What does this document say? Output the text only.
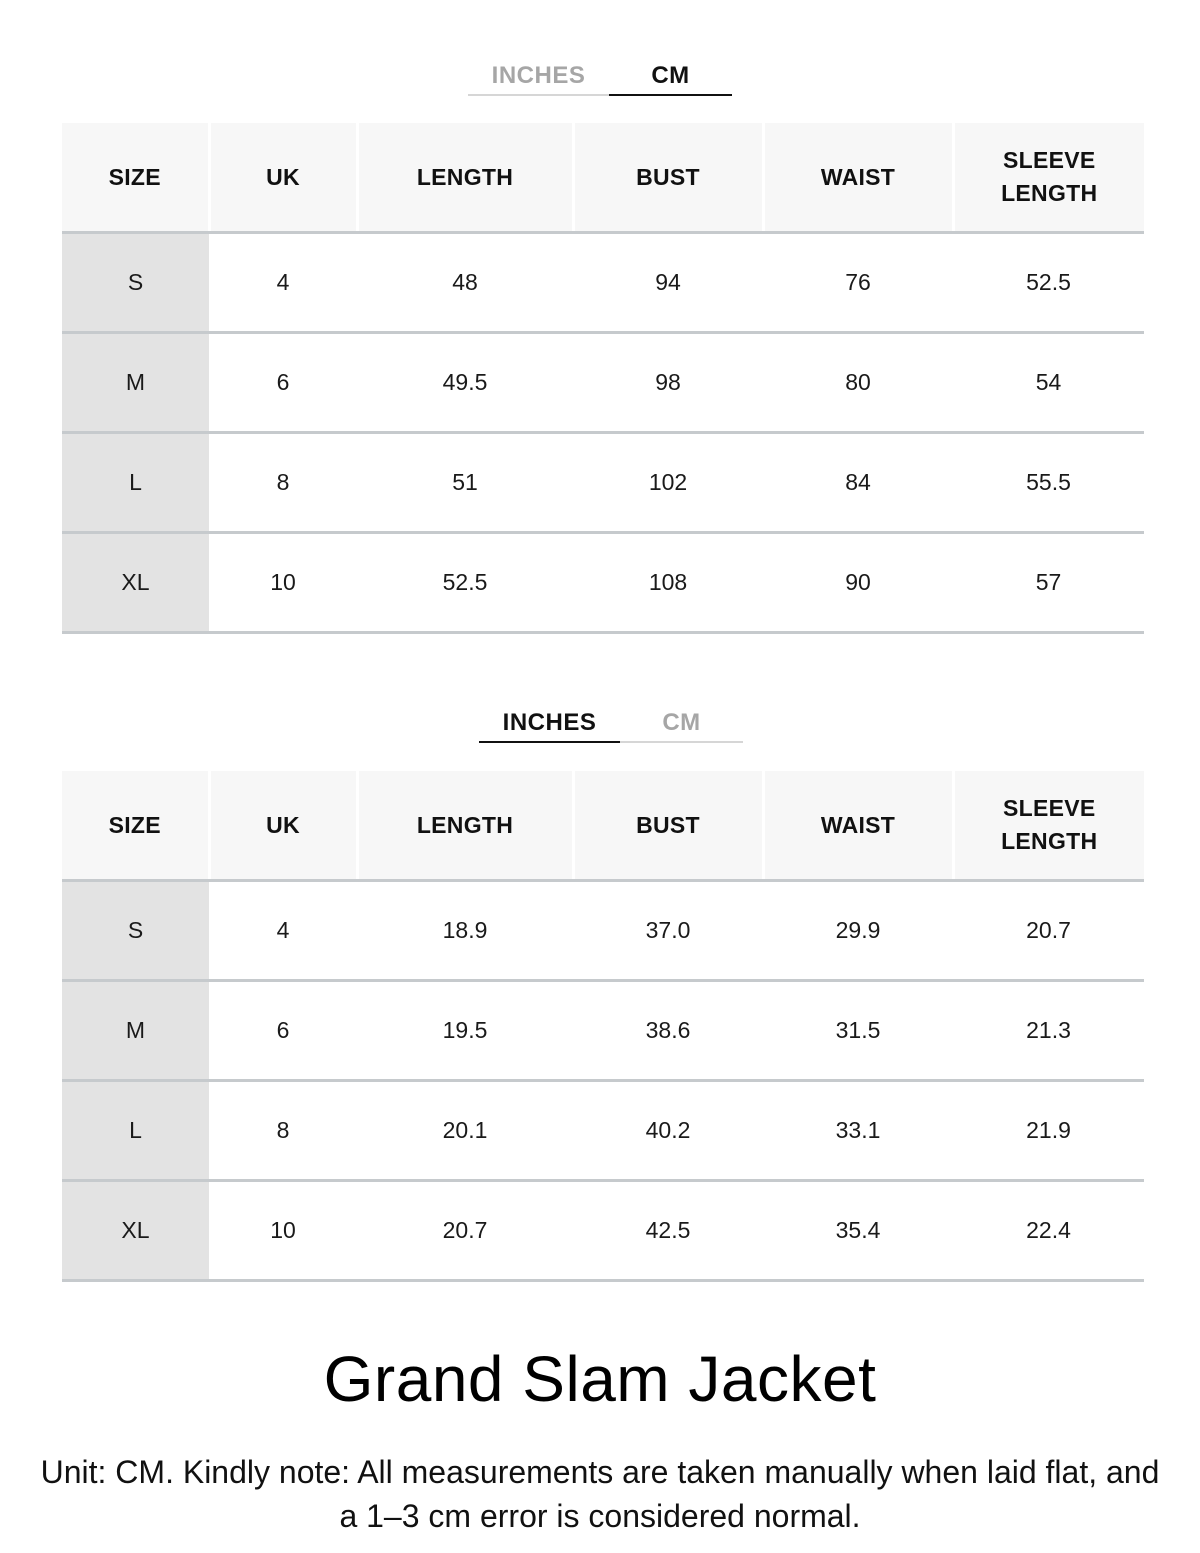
INCHES	CM
SIZE	UK	LENGTH	BUST	WAIST	SLEEVE LENGTH
S	4	48	94	76	52.5
M	6	49.5	98	80	54
L	8	51	102	84	55.5
XL	10	52.5	108	90	57
INCHES	CM
SIZE	UK	LENGTH	BUST	WAIST	SLEEVE LENGTH
S	4	18.9	37.0	29.9	20.7
M	6	19.5	38.6	31.5	21.3
L	8	20.1	40.2	33.1	21.9
XL	10	20.7	42.5	35.4	22.4
Grand Slam Jacket

Unit: CM. Kindly note: All measurements are taken manually when laid flat, and a 1–3 cm error is considered normal.
